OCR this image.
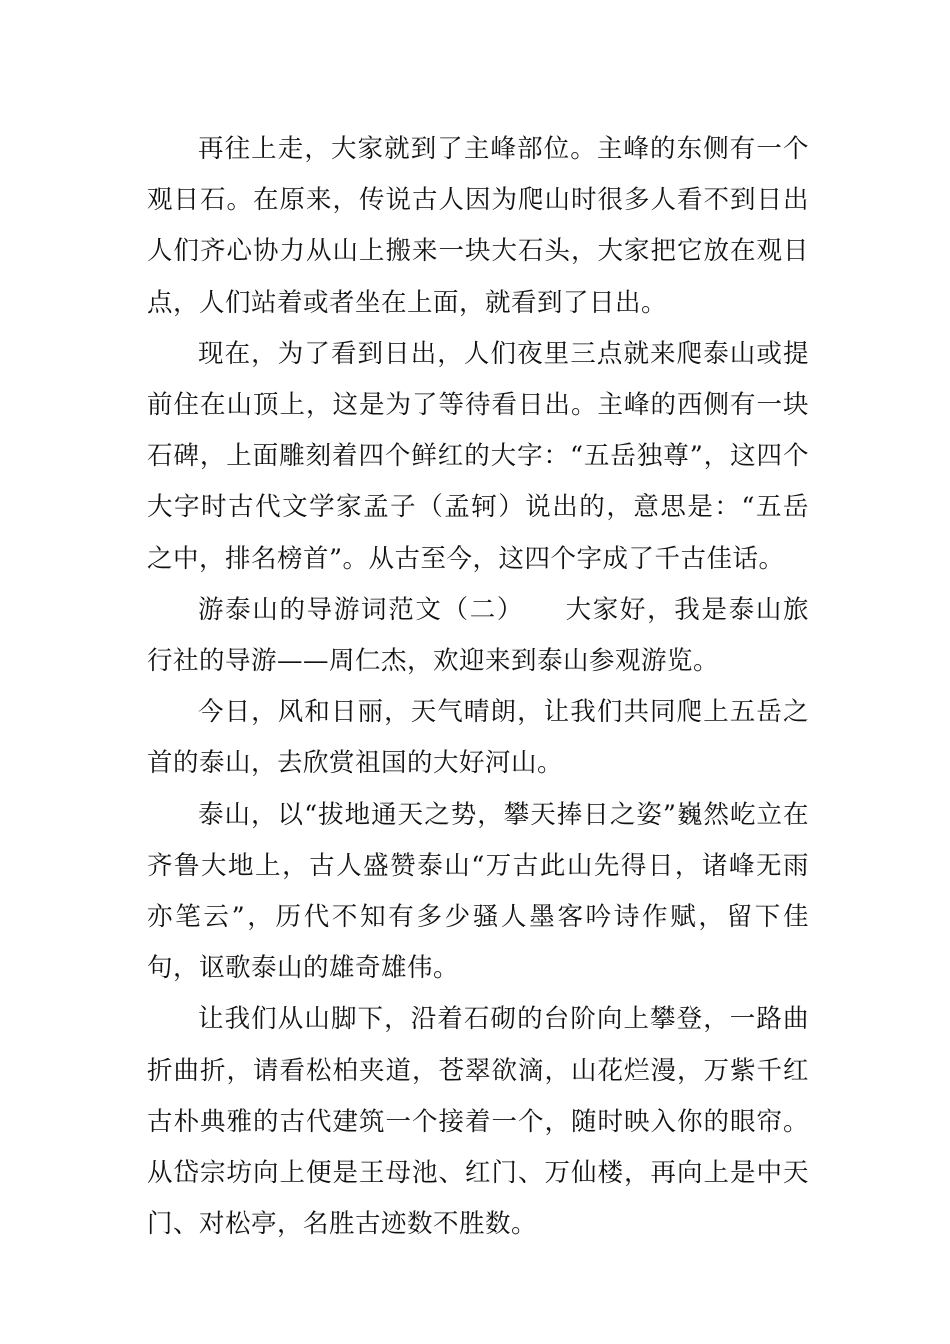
再往上走，大家就到了主峰部位。主峰的东侧有一个观日石。在原来，传说古人因为爬山时很多人看不到日出人们齐心协力从山上搬来一块大石头，大家把它放在观日点，人们站着或者坐在上面，就看到了日出。

现在，为了看到日出，人们夜里三点就来爬泰山或提前住在山顶上，这是为了等待看日出。主峰的西侧有一块石碑，上面雕刻着四个鲜红的大字：“五岳独尊”，这四个大字时古代文学家孟子（孟轲）说出的，意思是：“五岳之中，排名榜首”。从古至今，这四个字成了千古佳话。

游泰山的导游词范文（二）　　大家好，我是泰山旅行社的导游——周仁杰，欢迎来到泰山参观游览。

今日，风和日丽，天气晴朗，让我们共同爬上五岳之首的泰山，去欣赏祖国的大好河山。

泰山，以“拔地通天之势，攀天捧日之姿”巍然屹立在齐鲁大地上，古人盛赞泰山“万古此山先得日，诸峰无雨亦笔云”，历代不知有多少骚人墨客吟诗作赋，留下佳句，讴歌泰山的雄奇雄伟。

让我们从山脚下，沿着石砌的台阶向上攀登，一路曲折曲折，请看松柏夹道，苍翠欲滴，山花烂漫，万紫千红古朴典雅的古代建筑一个接着一个，随时映入你的眼帘。从岱宗坊向上便是王母池、红门、万仙楼，再向上是中天门、对松亭，名胜古迹数不胜数。
